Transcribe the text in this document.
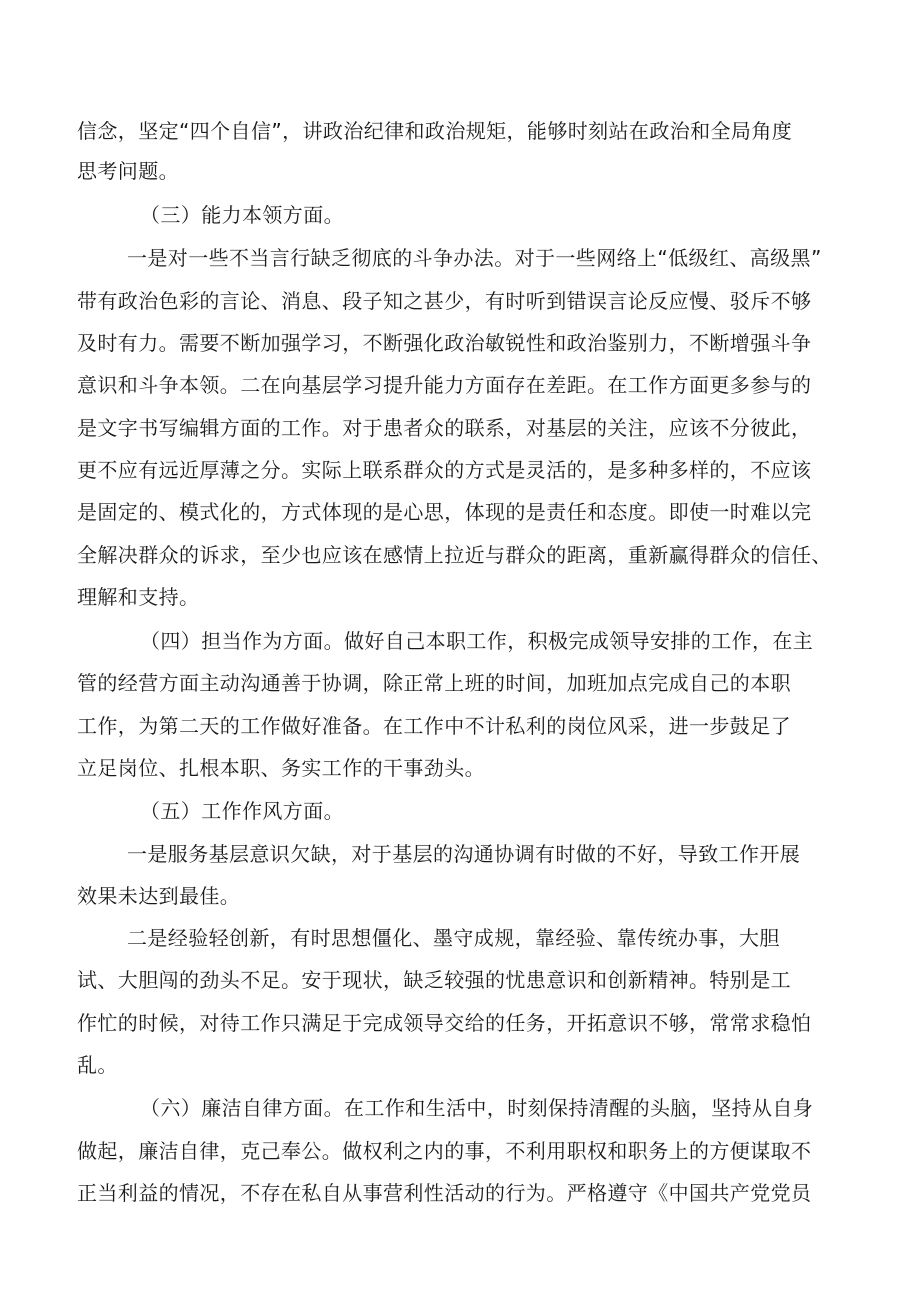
信念，坚定“四个自信”，讲政治纪律和政治规矩，能够时刻站在政治和全局角度
思考问题。
（三）能力本领方面。
一是对一些不当言行缺乏彻底的斗争办法。对于一些网络上“低级红、高级黑”
带有政治色彩的言论、消息、段子知之甚少，有时听到错误言论反应慢、驳斥不够
及时有力。需要不断加强学习，不断强化政治敏锐性和政治鉴别力，不断增强斗争
意识和斗争本领。二在向基层学习提升能力方面存在差距。在工作方面更多参与的
是文字书写编辑方面的工作。对于患者众的联系，对基层的关注，应该不分彼此，
更不应有远近厚薄之分。实际上联系群众的方式是灵活的，是多种多样的，不应该
是固定的、模式化的，方式体现的是心思，体现的是责任和态度。即使一时难以完
全解决群众的诉求，至少也应该在感情上拉近与群众的距离，重新赢得群众的信任、
理解和支持。
（四）担当作为方面。做好自己本职工作，积极完成领导安排的工作，在主
管的经营方面主动沟通善于协调，除正常上班的时间，加班加点完成自己的本职
工作，为第二天的工作做好准备。在工作中不计私利的岗位风采，进一步鼓足了
立足岗位、扎根本职、务实工作的干事劲头。
（五）工作作风方面。
一是服务基层意识欠缺，对于基层的沟通协调有时做的不好，导致工作开展
效果未达到最佳。
二是经验轻创新，有时思想僵化、墨守成规，靠经验、靠传统办事，大胆
试、大胆闯的劲头不足。安于现状，缺乏较强的忧患意识和创新精神。特别是工
作忙的时候，对待工作只满足于完成领导交给的任务，开拓意识不够，常常求稳怕
乱。
（六）廉洁自律方面。在工作和生活中，时刻保持清醒的头脑，坚持从自身
做起，廉洁自律，克己奉公。做权利之内的事，不利用职权和职务上的方便谋取不
正当利益的情况，不存在私自从事营利性活动的行为。严格遵守《中国共产党党员
